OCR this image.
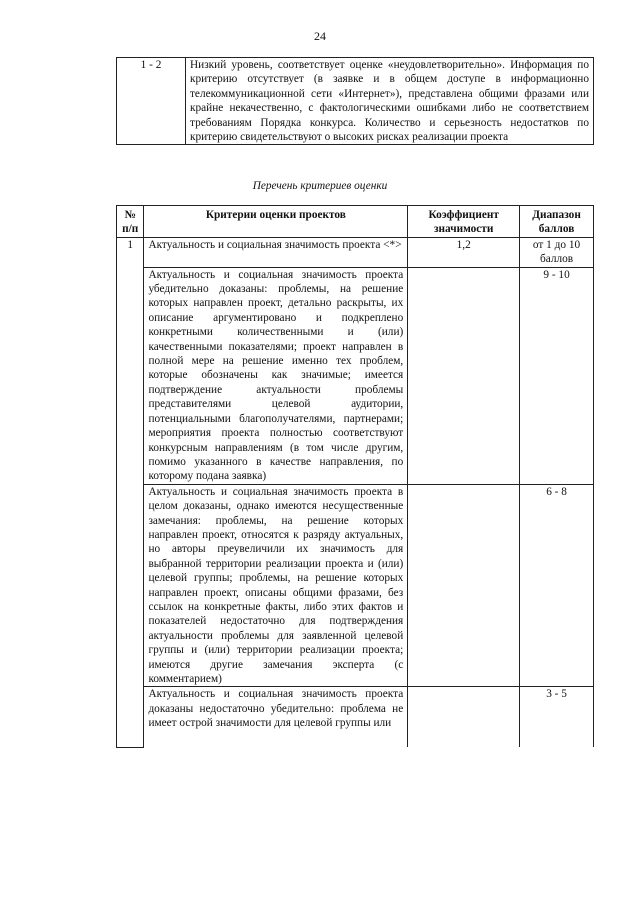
24
1 - 2	Низкий уровень, соответствует оценке «неудовлетворительно». Информация по критерию отсутствует (в заявке и в общем доступе в информационно телекоммуникационной сети «Интернет»), представлена общими фразами или крайне некачественно, с фактологическими ошибками либо не соответствием требованиям Порядка конкурса. Количество и серьезность недостатков по критерию свидетельствуют о высоких рисках реализации проекта
Перечень критериев оценки
№ п/п	Критерии оценки проектов	Коэффициент значимости	Диапазон баллов
1	Актуальность и социальная значимость проекта <*>	1,2	от 1 до 10 баллов
	Актуальность и социальная значимость проекта убедительно доказаны: проблемы, на решение которых направлен проект, детально раскрыты, их описание аргументировано и подкреплено конкретными количественными и (или) качественными показателями; проект направлен в полной мере на решение именно тех проблем, которые обозначены как значимые; имеется подтверждение актуальности проблемы представителями целевой аудитории, потенциальными благополучателями, партнерами; мероприятия проекта полностью соответствуют конкурсным направлениям (в том числе другим, помимо указанного в качестве направления, по которому подана заявка)		9 - 10
	Актуальность и социальная значимость проекта в целом доказаны, однако имеются несущественные замечания: проблемы, на решение которых направлен проект, относятся к разряду актуальных, но авторы преувеличили их значимость для выбранной территории реализации проекта и (или) целевой группы; проблемы, на решение которых направлен проект, описаны общими фразами, без ссылок на конкретные факты, либо этих фактов и показателей недостаточно для подтверждения актуальности проблемы для заявленной целевой группы и (или) территории реализации проекта; имеются другие замечания эксперта (с комментарием)		6 - 8
	Актуальность и социальная значимость проекта доказаны недостаточно убедительно: проблема не имеет острой значимости для целевой группы или		3 - 5
